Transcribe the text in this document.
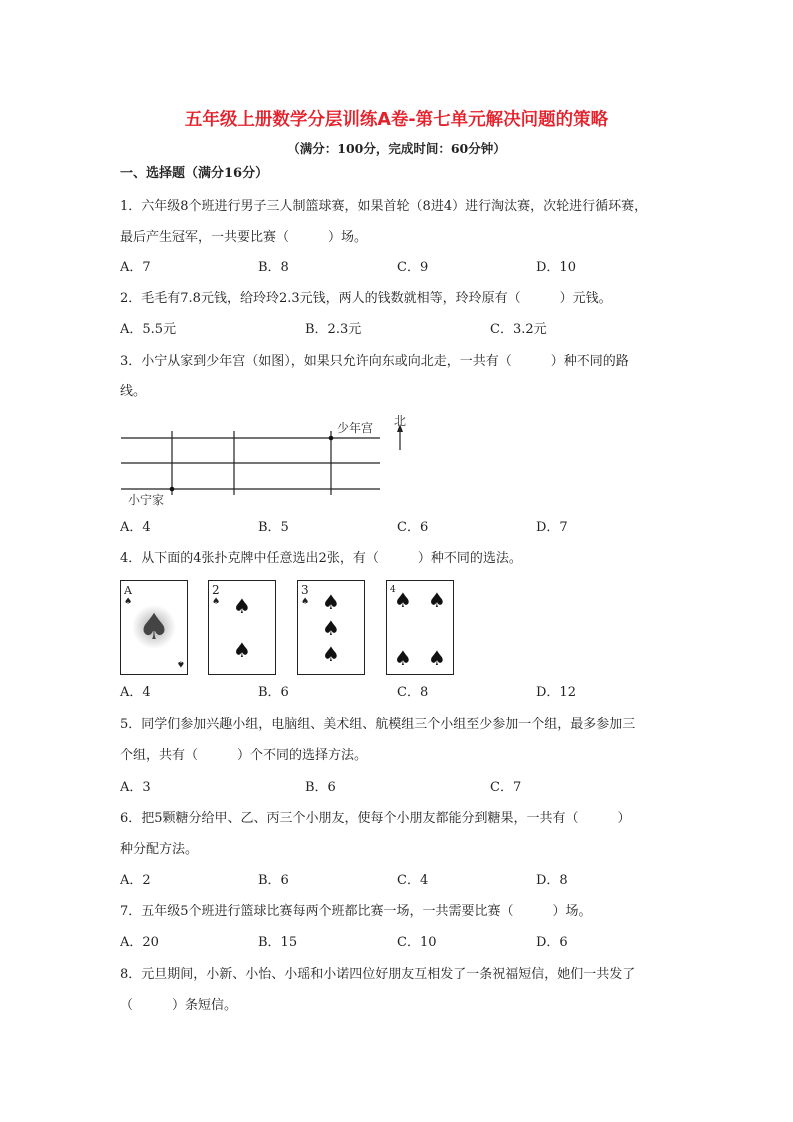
五年级上册数学分层训练A卷-第七单元解决问题的策略
（满分：100分，完成时间：60分钟）
一、选择题（满分16分）
1．六年级8个班进行男子三人制篮球赛，如果首轮（8进4）进行淘汰赛，次轮进行循环赛，
最后产生冠军，一共要比赛（　　　）场。
A．7	B．8	C．9	D．10
2．毛毛有7.8元钱，给玲玲2.3元钱，两人的钱数就相等，玲玲原有（　　　）元钱。
A．5.5元	B．2.3元	C．3.2元
3．小宁从家到少年宫（如图），如果只允许向东或向北走，一共有（　　　）种不同的路
线。
少年宫
小宁家
北
A．4	B．5	C．6	D．7
4．从下面的4张扑克牌中任意选出2张，有（　　　）种不同的选法。
A
♠
♠
♠
2
♠ ♠
♠
3
♠ ♠
♠
♠
4
♠ ♠
♠ ♠
A．4	B．6	C．8	D．12
5．同学们参加兴趣小组，电脑组、美术组、航模组三个小组至少参加一个组，最多参加三
个组，共有（　　　）个不同的选择方法。
A．3	B．6	C．7
6．把5颗糖分给甲、乙、丙三个小朋友，使每个小朋友都能分到糖果，一共有（　　　）
种分配方法。
A．2	B．6	C．4	D．8
7．五年级5个班进行篮球比赛每两个班都比赛一场，一共需要比赛（　　　）场。
A．20	B．15	C．10	D．6
8．元旦期间，小新、小怡、小瑶和小诺四位好朋友互相发了一条祝福短信，她们一共发了
（　　　）条短信。
